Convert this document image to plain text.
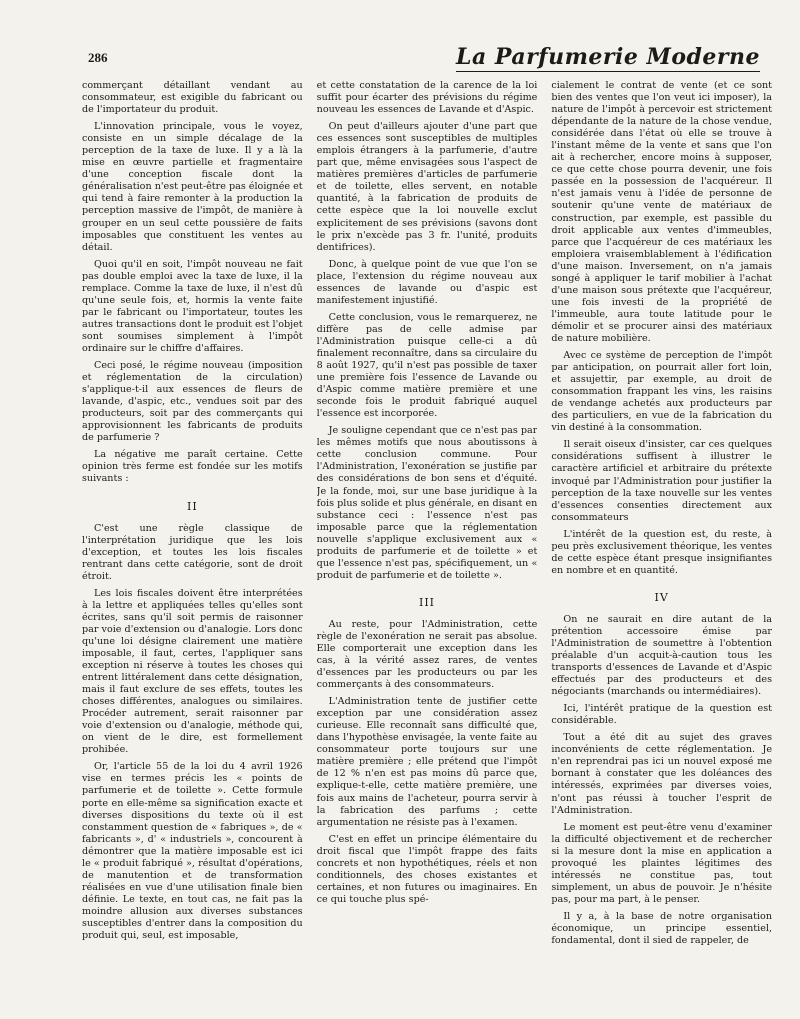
286	La Parfumerie Moderne

commerçant détaillant vendant au consommateur, est exigible du fabricant ou de l'importateur du produit.

L'innovation principale, vous le voyez, consiste en un simple décalage de la perception de la taxe de luxe. Il y a là la mise en œuvre partielle et fragmentaire d'une conception fiscale dont la généralisation n'est peut-être pas éloignée et qui tend à faire remonter à la production la perception massive de l'impôt, de manière à grouper en un seul cette poussière de faits imposables que constituent les ventes au détail.

Quoi qu'il en soit, l'impôt nouveau ne fait pas double emploi avec la taxe de luxe, il la remplace. Comme la taxe de luxe, il n'est dû qu'une seule fois, et, hormis la vente faite par le fabricant ou l'importateur, toutes les autres transactions dont le produit est l'objet sont soumises simplement à l'impôt ordinaire sur le chiffre d'affaires.

Ceci posé, le régime nouveau (imposition et réglementation de la circulation) s'applique-t-il aux essences de fleurs de lavande, d'aspic, etc., vendues soit par des producteurs, soit par des commerçants qui approvisionnent les fabricants de produits de parfumerie ?

La négative me paraît certaine. Cette opinion très ferme est fondée sur les motifs suivants :

II

C'est une règle classique de l'interprétation juridique que les lois d'exception, et toutes les lois fiscales rentrant dans cette catégorie, sont de droit étroit.

Les lois fiscales doivent être interprétées à la lettre et appliquées telles qu'elles sont écrites, sans qu'il soit permis de raisonner par voie d'extension ou d'analogie. Lors donc qu'une loi désigne clairement une matière imposable, il faut, certes, l'appliquer sans exception ni réserve à toutes les choses qui entrent littéralement dans cette désignation, mais il faut exclure de ses effets, toutes les choses différentes, analogues ou similaires. Procéder autrement, serait raisonner par voie d'extension ou d'analogie, méthode qui, on vient de le dire, est formellement prohibée.

Or, l'article 55 de la loi du 4 avril 1926 vise en termes précis les « points de parfumerie et de toilette ». Cette formule porte en elle-même sa signification exacte et diverses dispositions du texte où il est constamment question de « fabriques », de « fabricants », d' « industriels », concourent à démontrer que la matière imposable est ici le « produit fabriqué », résultat d'opérations, de manutention et de transformation réalisées en vue d'une utilisation finale bien définie. Le texte, en tout cas, ne fait pas la moindre allusion aux diverses substances susceptibles d'entrer dans la composition du produit qui, seul, est imposable,

et cette constatation de la carence de la loi suffit pour écarter des prévisions du régime nouveau les essences de Lavande et d'Aspic.

On peut d'ailleurs ajouter d'une part que ces essences sont susceptibles de multiples emplois étrangers à la parfumerie, d'autre part que, même envisagées sous l'aspect de matières premières d'articles de parfumerie et de toilette, elles servent, en notable quantité, à la fabrication de produits de cette espèce que la loi nouvelle exclut explicitement de ses prévisions (savons dont le prix n'excède pas 3 fr. l'unité, produits dentifrices).

Donc, à quelque point de vue que l'on se place, l'extension du régime nouveau aux essences de lavande ou d'aspic est manifestement injustifié.

Cette conclusion, vous le remarquerez, ne diffère pas de celle admise par l'Administration puisque celle-ci a dû finalement reconnaître, dans sa circulaire du 8 août 1927, qu'il n'est pas possible de taxer une première fois l'essence de Lavande ou d'Aspic comme matière première et une seconde fois le produit fabriqué auquel l'essence est incorporée.

Je souligne cependant que ce n'est pas par les mêmes motifs que nous aboutissons à cette conclusion commune. Pour l'Administration, l'exonération se justifie par des considérations de bon sens et d'équité. Je la fonde, moi, sur une base juridique à la fois plus solide et plus générale, en disant en substance ceci : l'essence n'est pas imposable parce que la réglementation nouvelle s'applique exclusivement aux « produits de parfumerie et de toilette » et que l'essence n'est pas, spécifiquement, un « produit de parfumerie et de toilette ».

III

Au reste, pour l'Administration, cette règle de l'exonération ne serait pas absolue. Elle comporterait une exception dans les cas, à la vérité assez rares, de ventes d'essences par les producteurs ou par les commerçants à des consommateurs.

L'Administration tente de justifier cette exception par une considération assez curieuse. Elle reconnaît sans difficulté que, dans l'hypothèse envisagée, la vente faite au consommateur porte toujours sur une matière première ; elle prétend que l'impôt de 12 % n'en est pas moins dû parce que, explique-t-elle, cette matière première, une fois aux mains de l'acheteur, pourra servir à la fabrication des parfums ; cette argumentation ne résiste pas à l'examen.

C'est en effet un principe élémentaire du droit fiscal que l'impôt frappe des faits concrets et non hypothétiques, réels et non conditionnels, des choses existantes et certaines, et non futures ou imaginaires. En ce qui touche plus spé-

cialement le contrat de vente (et ce sont bien des ventes que l'on veut ici imposer), la nature de l'impôt à percevoir est strictement dépendante de la nature de la chose vendue, considérée dans l'état où elle se trouve à l'instant même de la vente et sans que l'on ait à rechercher, encore moins à supposer, ce que cette chose pourra devenir, une fois passée en la possession de l'acquéreur. Il n'est jamais venu à l'idée de personne de soutenir qu'une vente de matériaux de construction, par exemple, est passible du droit applicable aux ventes d'immeubles, parce que l'acquéreur de ces matériaux les emploiera vraisemblablement à l'édification d'une maison. Inversement, on n'a jamais songé à appliquer le tarif mobilier à l'achat d'une maison sous prétexte que l'acquéreur, une fois investi de la propriété de l'immeuble, aura toute latitude pour le démolir et se procurer ainsi des matériaux de nature mobilière.

Avec ce système de perception de l'impôt par anticipation, on pourrait aller fort loin, et assujettir, par exemple, au droit de consommation frappant les vins, les raisins de vendange achetés aux producteurs par des particuliers, en vue de la fabrication du vin destiné à la consommation.

Il serait oiseux d'insister, car ces quelques considérations suffisent à illustrer le caractère artificiel et arbitraire du prétexte invoqué par l'Administration pour justifier la perception de la taxe nouvelle sur les ventes d'essences consenties directement aux consommateurs

L'intérêt de la question est, du reste, à peu près exclusivement théorique, les ventes de cette espèce étant presque insignifiantes en nombre et en quantité.

IV

On ne saurait en dire autant de la prétention accessoire émise par l'Administration de soumettre à l'obtention préalable d'un acquit-à-caution tous les transports d'essences de Lavande et d'Aspic effectués par des producteurs et des négociants (marchands ou intermédiaires).

Ici, l'intérêt pratique de la question est considérable.

Tout a été dit au sujet des graves inconvénients de cette réglementation. Je n'en reprendrai pas ici un nouvel exposé me bornant à constater que les doléances des intéressés, exprimées par diverses voies, n'ont pas réussi à toucher l'esprit de l'Administration.

Le moment est peut-être venu d'examiner la difficulté objectivement et de rechercher si la mesure dont la mise en application a provoqué les plaintes légitimes des intéressés ne constitue pas, tout simplement, un abus de pouvoir. Je n'hésite pas, pour ma part, à le penser.

Il y a, à la base de notre organisation économique, un principe essentiel, fondamental, dont il sied de rappeler, de
